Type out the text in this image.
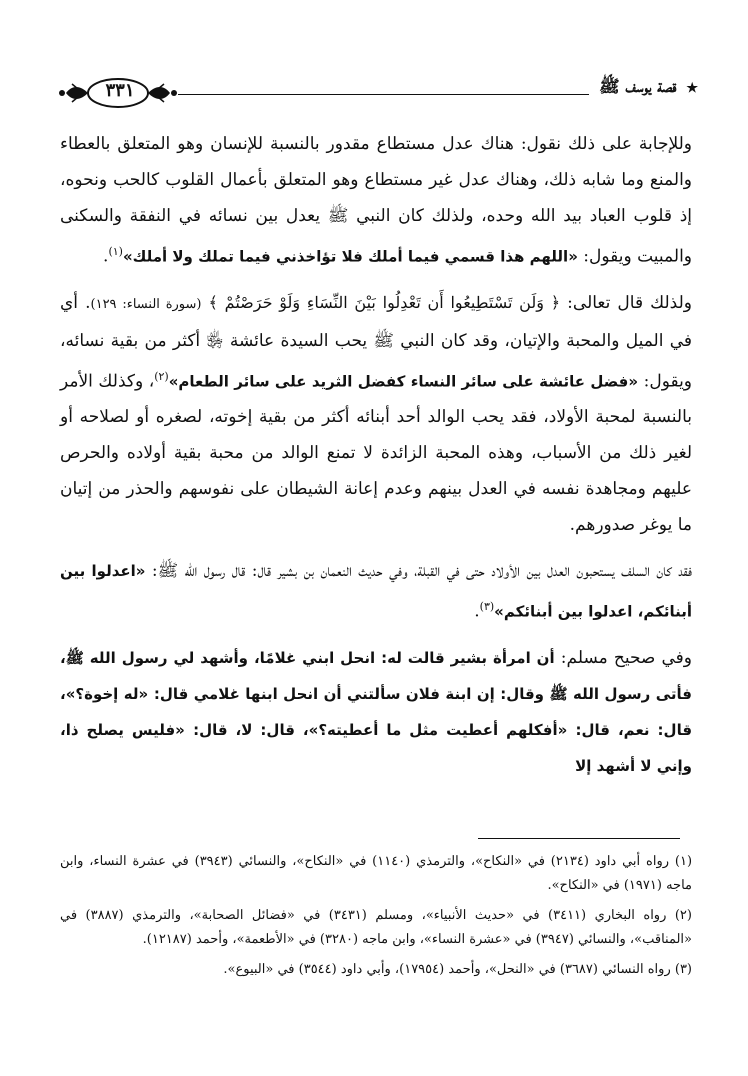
٣٣١	★ قصة يوسف ﷺ

وللإجابة على ذلك نقول: هناك عدل مستطاع مقدور بالنسبة للإنسان وهو المتعلق بالعطاء والمنع وما شابه ذلك، وهناك عدل غير مستطاع وهو المتعلق بأعمال القلوب كالحب ونحوه، إذ قلوب العباد بيد الله وحده، ولذلك كان النبي ﷺ يعدل بين نسائه في النفقة والسكنى والمبيت ويقول: «اللهم هذا قسمي فيما أملك فلا تؤاخذني فيما تملك ولا أملك»$^{(١)}$.

ولذلك قال تعالى: ﴿ وَلَن تَسْتَطِيعُوا أَن تَعْدِلُوا بَيْنَ النِّسَاءِ وَلَوْ حَرَصْتُمْ ﴾ (سورة النساء: ١٢٩). أي في الميل والمحبة والإتيان، وقد كان النبي ﷺ يحب السيدة عائشة ﵂ أكثر من بقية نسائه، ويقول: «فضل عائشة على سائر النساء كفضل الثريد على سائر الطعام»$^{(٢)}$، وكذلك الأمر بالنسبة لمحبة الأولاد، فقد يحب الوالد أحد أبنائه أكثر من بقية إخوته، لصغره أو لصلاحه أو لغير ذلك من الأسباب، وهذه المحبة الزائدة لا تمنع الوالد من محبة بقية أولاده والحرص عليهم ومجاهدة نفسه في العدل بينهم وعدم إعانة الشيطان على نفوسهم والحذر من إتيان ما يوغر صدورهم.

فقد كان السلف يستحبون العدل بين الأولاد حتى في القبلة، وفي حديث النعمان بن بشير قال: قال رسول الله ﷺ: «اعدلوا بين أبنائكم، اعدلوا بين أبنائكم»$^{(٣)}$.

وفي صحيح مسلم: أن امرأة بشير قالت له: انحل ابني غلامًا، وأشهد لي رسول الله ﷺ، فأتى رسول الله ﷺ وقال: إن ابنة فلان سألتني أن انحل ابنها غلامي قال: «له إخوة؟»، قال: نعم، قال: «أفكلهم أعطيت مثل ما أعطيته؟»، قال: لا، قال: «فليس يصلح ذا، وإني لا أشهد إلا

(١) رواه أبي داود (٢١٣٤) في «النكاح»، والترمذي (١١٤٠) في «النكاح»، والنسائي (٣٩٤٣) في عشرة النساء، وابن ماجه (١٩٧١) في «النكاح».

(٢) رواه البخاري (٣٤١١) في «حديث الأنبياء»، ومسلم (٣٤٣١) في «فضائل الصحابة»، والترمذي (٣٨٨٧) في «المناقب»، والنسائي (٣٩٤٧) في «عشرة النساء»، وابن ماجه (٣٢٨٠) في «الأطعمة»، وأحمد (١٢١٨٧).

(٣) رواه النسائي (٣٦٨٧) في «النحل»، وأحمد (١٧٩٥٤)، وأبي داود (٣٥٤٤) في «البيوع».
